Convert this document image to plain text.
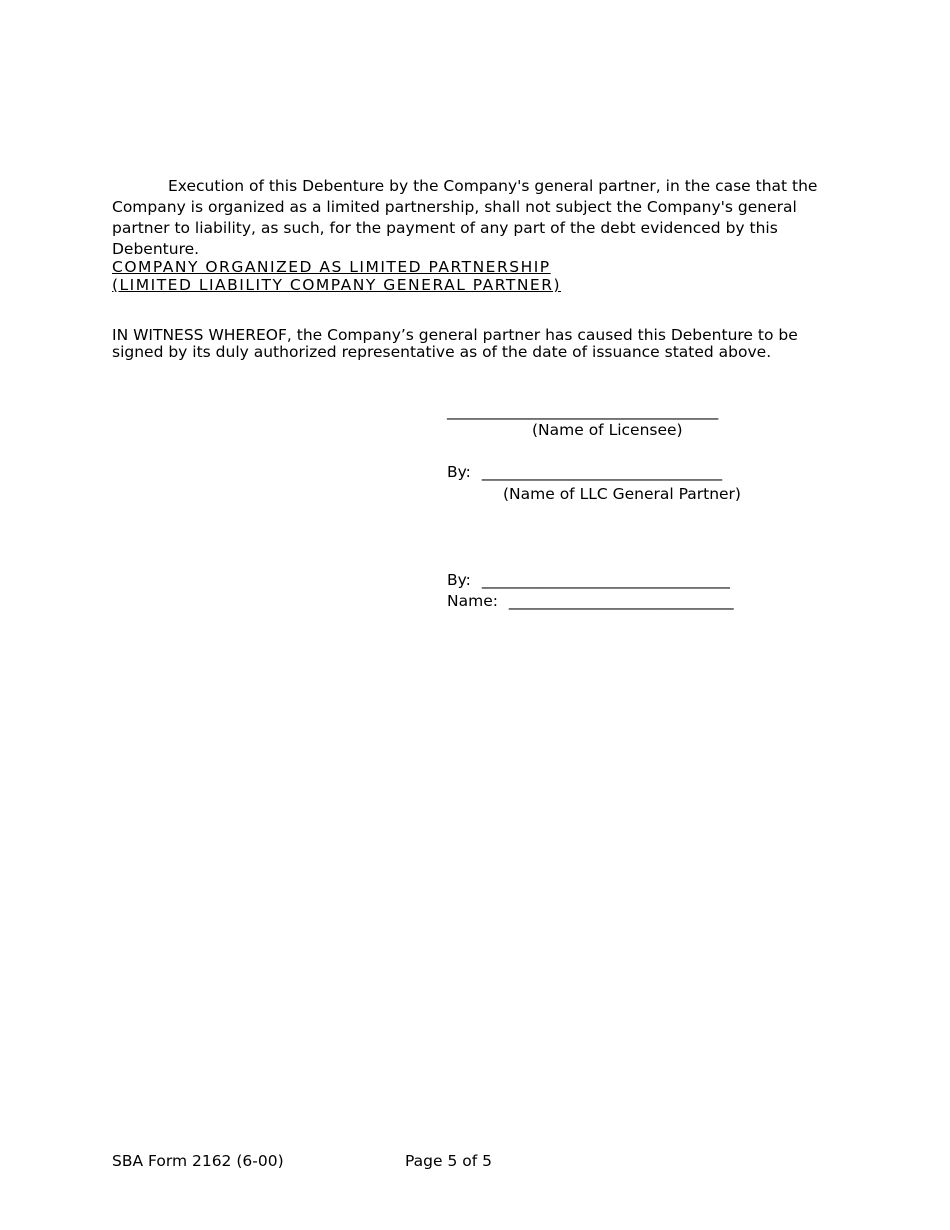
Execution of this Debenture by the Company's general partner, in the case that the Company is organized as a limited partnership, shall not subject the Company's general partner to liability, as such, for the payment of any part of the debt evidenced by this Debenture.
COMPANY ORGANIZED AS LIMITED PARTNERSHIP
(LIMITED LIABILITY COMPANY GENERAL PARTNER)
IN WITNESS WHEREOF, the Company’s general partner has caused this Debenture to be
signed by its duly authorized representative as of the date of issuance stated above.
___________________________________
(Name of Licensee)
By: _______________________________
(Name of LLC General Partner)
By: ________________________________
Name: _____________________________
SBA Form 2162 (6-00)	Page 5 of 5
